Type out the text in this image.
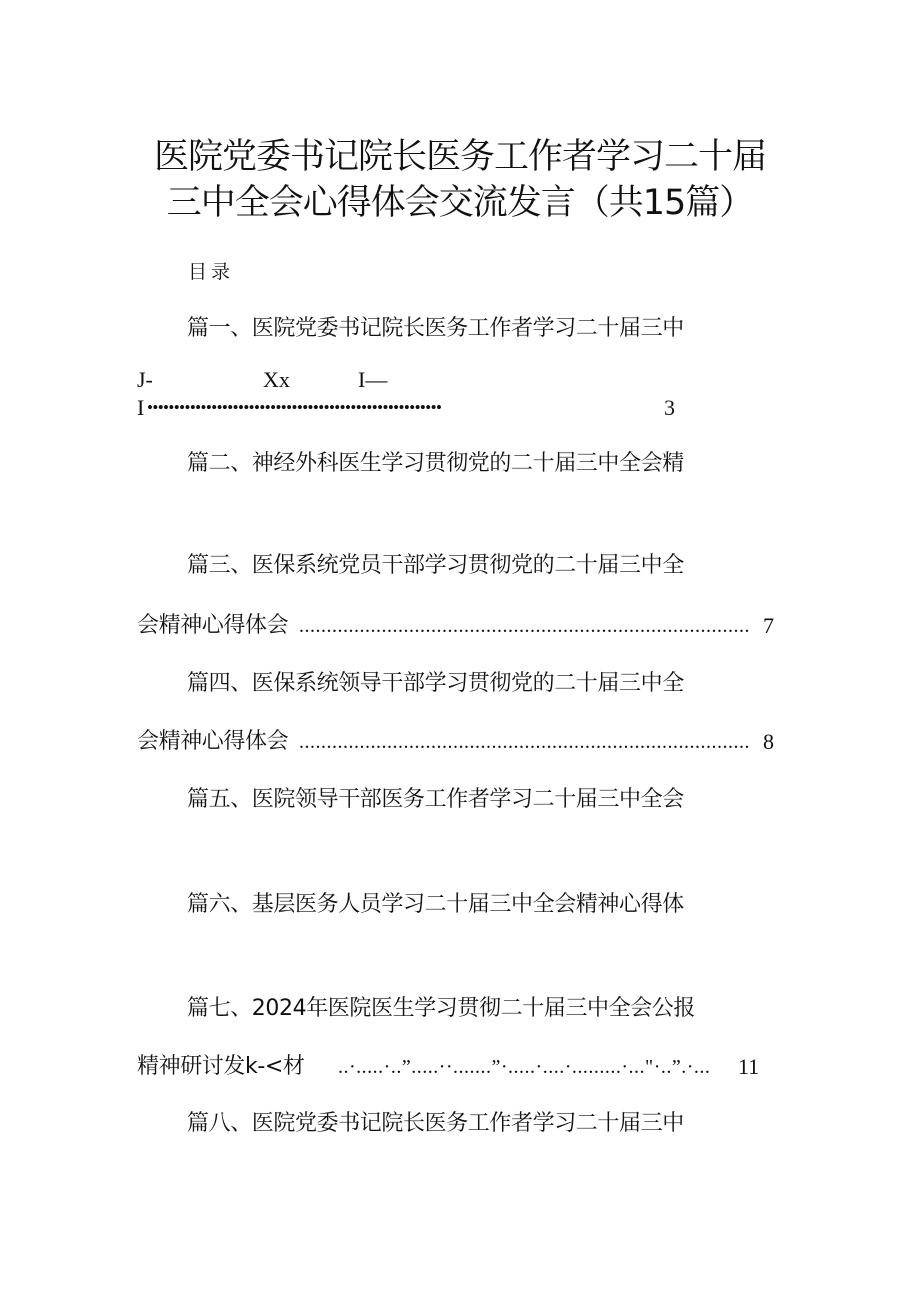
医院党委书记院长医务工作者学习二十届
三中全会心得体会交流发言（共15篇）
目录
篇一、医院党委书记院长医务工作者学习二十届三中
J-	Xx	I—
I •••••••••••••••••••••••••••••••••••••••••••••••••••••••	3
篇二、神经外科医生学习贯彻党的二十届三中全会精
篇三、医保系统党员干部学习贯彻党的二十届三中全
会精神心得体会 .................................................................................. 7
篇四、医保系统领导干部学习贯彻党的二十届三中全
会精神心得体会 .................................................................................. 8
篇五、医院领导干部医务工作者学习二十届三中全会
篇六、基层医务人员学习二十届三中全会精神心得体
篇七、2024年医院医生学习贯彻二十届三中全会公报
精神研讨发k-<材 ..·.....·..”.....··.......”·.....·....·.........·..."·..”.·...	11
篇八、医院党委书记院长医务工作者学习二十届三中
